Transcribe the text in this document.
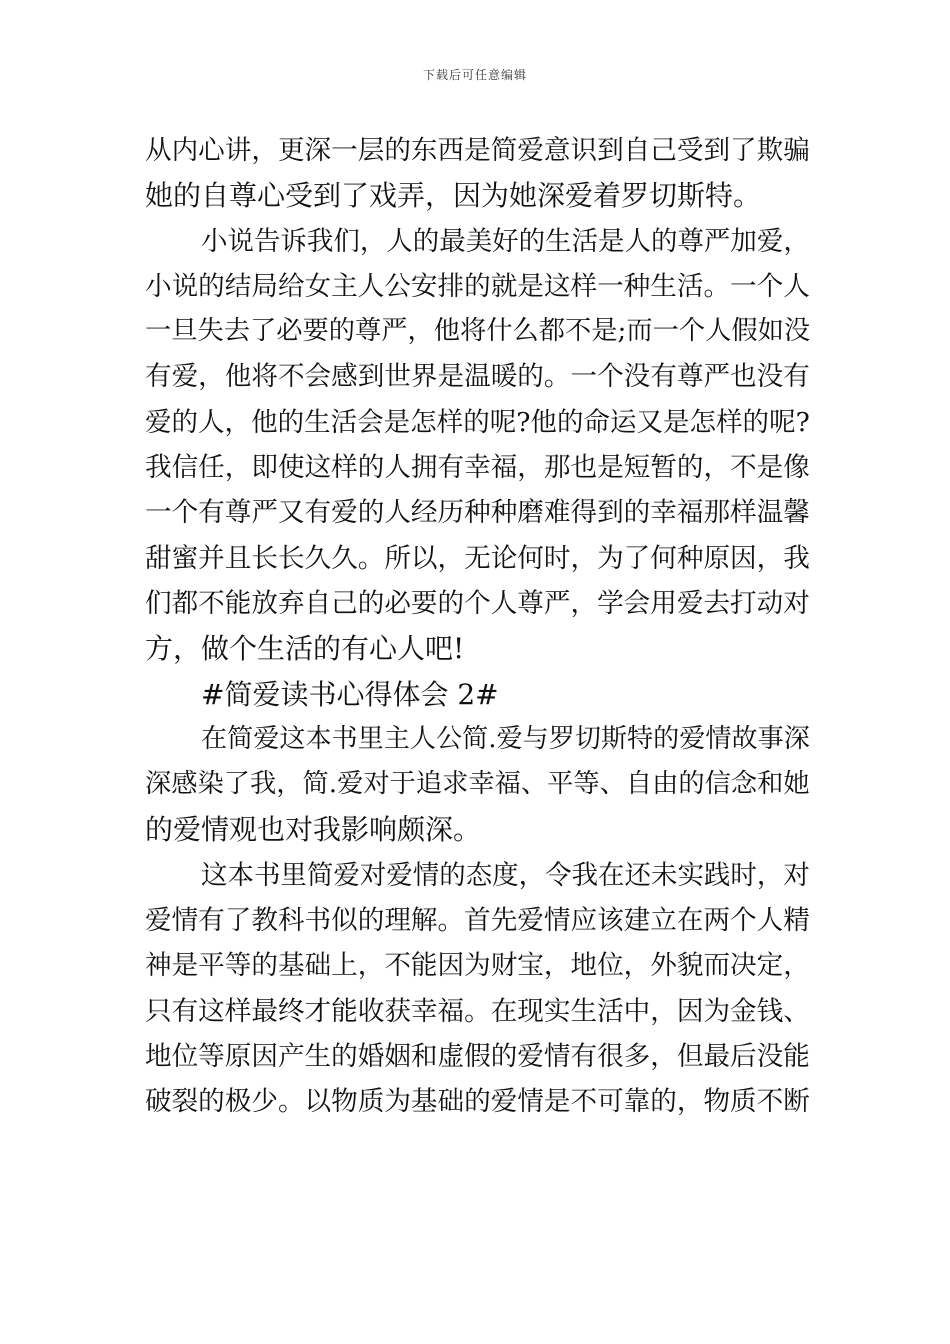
下载后可任意编辑
从内心讲，更深一层的东西是简爱意识到自己受到了欺骗
她的自尊心受到了戏弄，因为她深爱着罗切斯特。
小说告诉我们，人的最美好的生活是人的尊严加爱，
小说的结局给女主人公安排的就是这样一种生活。一个人
一旦失去了必要的尊严，他将什么都不是;而一个人假如没
有爱，他将不会感到世界是温暖的。一个没有尊严也没有
爱的人，他的生活会是怎样的呢?他的命运又是怎样的呢?
我信任，即使这样的人拥有幸福，那也是短暂的，不是像
一个有尊严又有爱的人经历种种磨难得到的幸福那样温馨
甜蜜并且长长久久。所以，无论何时，为了何种原因，我
们都不能放弃自己的必要的个人尊严，学会用爱去打动对
方，做个生活的有心人吧!
#简爱读书心得体会 2#
在简爱这本书里主人公简.爱与罗切斯特的爱情故事深
深感染了我，简.爱对于追求幸福、平等、自由的信念和她
的爱情观也对我影响颇深。
这本书里简爱对爱情的态度，令我在还未实践时，对
爱情有了教科书似的理解。首先爱情应该建立在两个人精
神是平等的基础上，不能因为财宝，地位，外貌而决定，
只有这样最终才能收获幸福。在现实生活中，因为金钱、
地位等原因产生的婚姻和虚假的爱情有很多，但最后没能
破裂的极少。以物质为基础的爱情是不可靠的，物质不断
